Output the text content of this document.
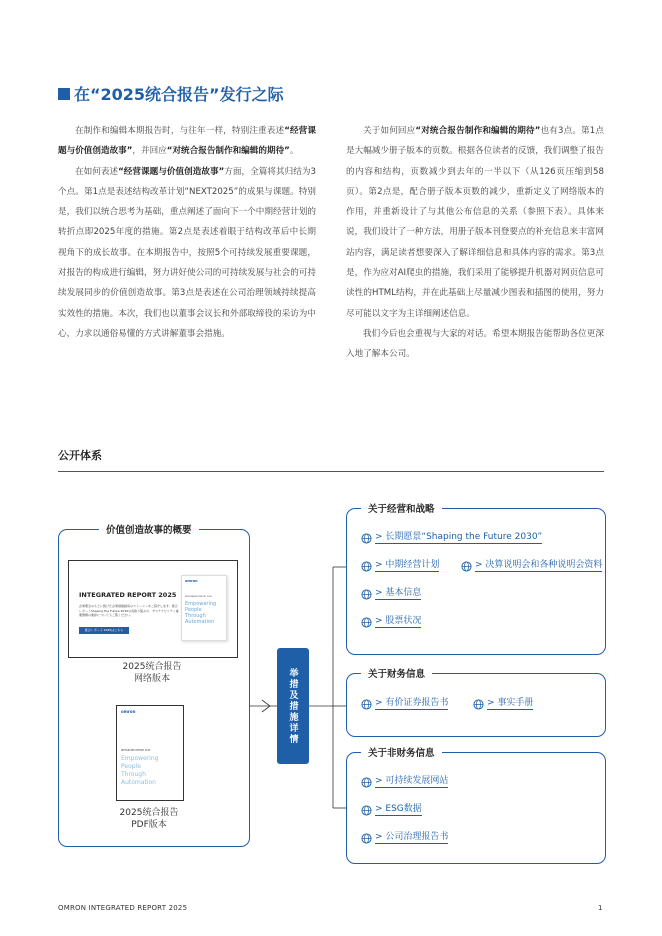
在“2025统合报告”发行之际

在制作和编辑本期报告时，与往年一样，特别注重表述“经营课题与价值创造故事”，并回应“对统合报告制作和编辑的期待”。

在如何表述“经营课题与价值创造故事”方面，全篇将其归结为3个点。第1点是表述结构改革计划“NEXT2025”的成果与课题。特别是，我们以统合思考为基础，重点阐述了面向下一个中期经营计划的转折点即2025年度的措施。第2点是表述着眼于结构改革后中长期视角下的成长故事。在本期报告中，按照5个可持续发展重要课题，对报告的构成进行编辑，努力讲好使公司的可持续发展与社会的可持续发展同步的价值创造故事。第3点是表述在公司治理领域持续提高实效性的措施。本次，我们也以董事会议长和外部取缔役的采访为中心，力求以通俗易懂的方式讲解董事会措施。

关于如何回应“对统合报告制作和编辑的期待”也有3点。第1点是大幅减少册子版本的页数。根据各位读者的反馈，我们调整了报告的内容和结构，页数减少到去年的一半以下（从126页压缩到58页）。第2点是，配合册子版本页数的减少，重新定义了网络版本的作用，并重新设计了与其他公布信息的关系（参照下表）。具体来说，我们设计了一种方法，用册子版本刊登要点的补充信息来丰富网站内容，满足读者想要深入了解详细信息和具体内容的需求。第3点是，作为应对AI爬虫的措施，我们采用了能够提升机器对网页信息可读性的HTML结构，并在此基础上尽量减少图表和插图的使用，努力尽可能以文字为主详细阐述信息。

我们今后也会重视与大家的对话。希望本期报告能帮助各位更深入地了解本公司。

公开体系
价值创造故事的概要
INTEGRATED REPORT 2025
企業理念のもとに掲げた企業価値創造のストーリーをご紹介します。統合レポートShaping the Future 2030の各取り組みや、サステナビリティ重要課題の進捗についてもご覧ください。
統合レポート 2025はこちら
omron
INTEGRATED REPORT 2025
Empowering People Through Automation
2025统合报告
网络版本
omron
INTEGRATED REPORT 2025
Empowering
People
Through
Automation
2025统合报告
PDF版本
举措及措施详情
关于经营和战略
> 长期愿景“Shaping the Future 2030”
> 中期经营计划	> 决算说明会和各种说明会资料
> 基本信息
> 股票状况
关于财务信息
> 有价证券报告书	> 事实手册
关于非财务信息
> 可持续发展网站
> ESG数据
> 公司治理报告书
OMRON INTEGRATED REPORT 2025	1
